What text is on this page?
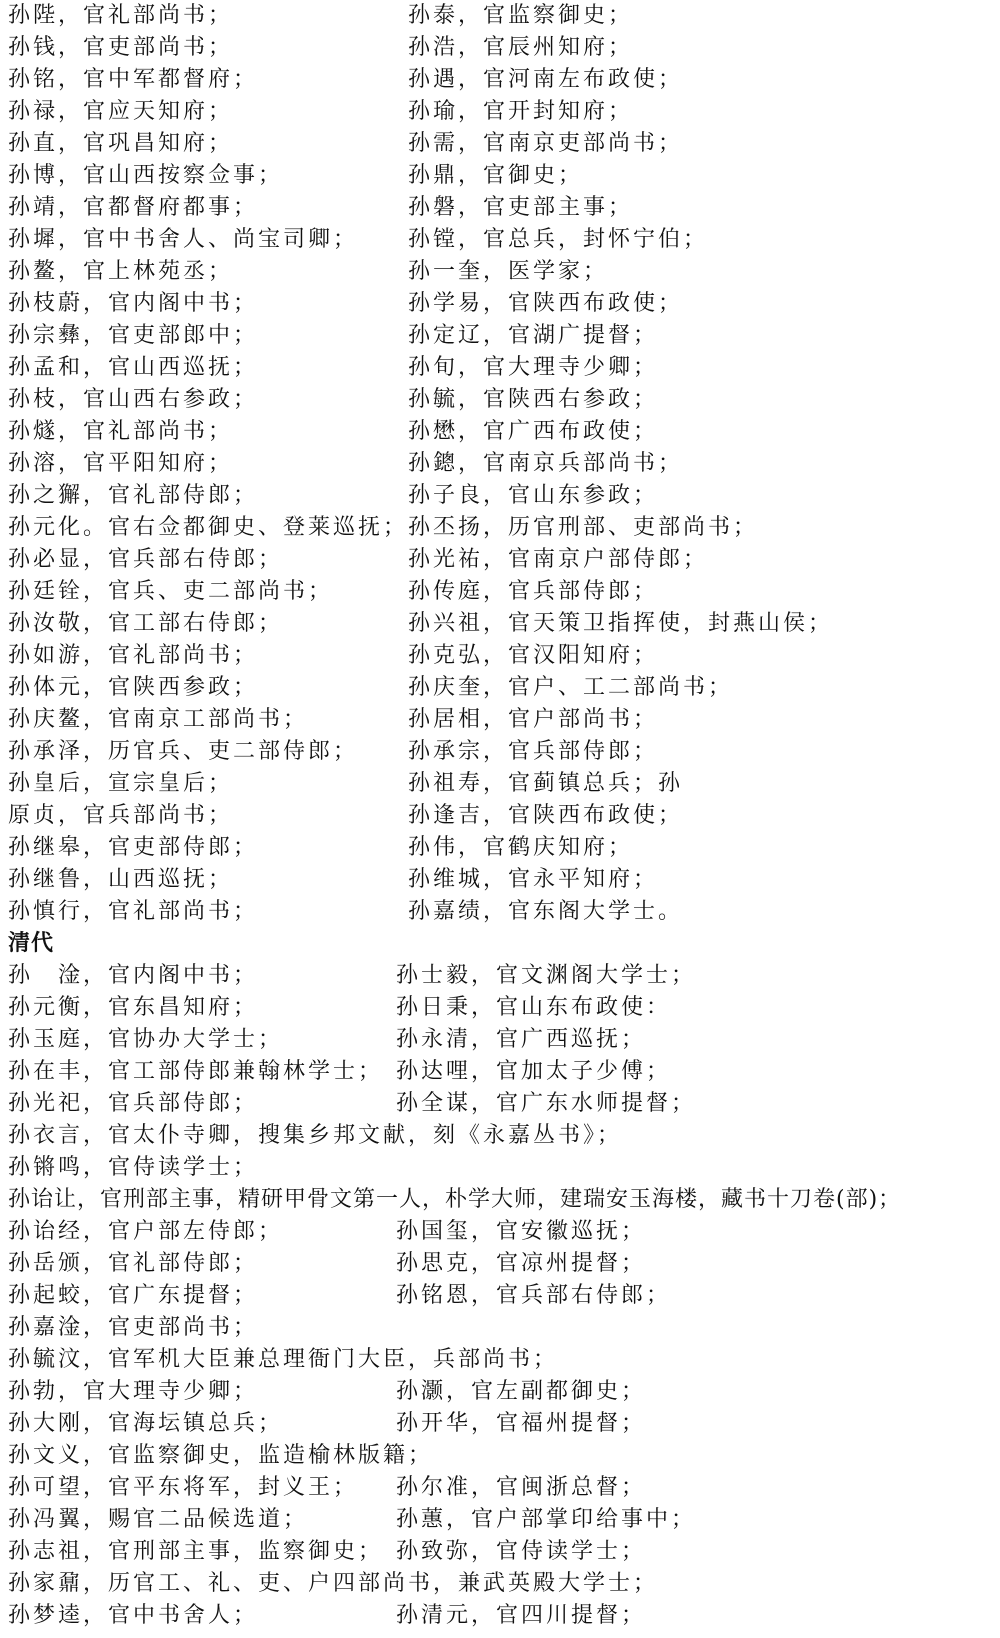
孙陛，官礼部尚书；	孙泰，官监察御史；
孙钱，官吏部尚书；	孙浩，官辰州知府；
孙铭，官中军都督府；	孙遇，官河南左布政使；
孙禄，官应天知府；	孙瑜，官开封知府；
孙直，官巩昌知府；	孙需，官南京吏部尚书；
孙博，官山西按察佥事；	孙鼎，官御史；
孙靖，官都督府都事；	孙磐，官吏部主事；
孙墀，官中书舍人、尚宝司卿； 孙镗，官总兵，封怀宁伯；
孙鳌，官上林苑丞；	孙一奎，医学家；
孙枝蔚，官内阁中书；	孙学易，官陕西布政使；
孙宗彝，官吏部郎中；	孙定辽，官湖广提督；
孙孟和，官山西巡抚；	孙旬，官大理寺少卿；
孙枝，官山西右参政；	孙毓，官陕西右参政；
孙燧，官礼部尚书；	孙懋，官广西布政使；
孙溶，官平阳知府；	孙鏓，官南京兵部尚书；
孙之獬，官礼部侍郎；	孙子良，官山东参政；
孙元化。官右佥都御史、登莱巡抚； 孙丕扬，历官刑部、吏部尚书；
孙必显，官兵部右侍郎；	孙光祐，官南京户部侍郎；
孙廷铨，官兵、吏二部尚书；	孙传庭，官兵部侍郎；
孙汝敬，官工部右侍郎；	孙兴祖，官天策卫指挥使，封燕山侯；
孙如游，官礼部尚书；	孙克弘，官汉阳知府；
孙体元，官陕西参政；	孙庆奎，官户、工二部尚书；
孙庆鳌，官南京工部尚书；	孙居相，官户部尚书；
孙承泽，历官兵、吏二部侍郎； 孙承宗，官兵部侍郎；
孙皇后，宣宗皇后；	孙祖寿，官蓟镇总兵；孙
原贞，官兵部尚书；	孙逢吉，官陕西布政使；
孙继皋，官吏部侍郎；	孙伟，官鹤庆知府；
孙继鲁，山西巡抚；	孙维城，官永平知府；
孙慎行，官礼部尚书；	孙嘉绩，官东阁大学士。
清代
孙　淦，官内阁中书；	孙士毅，官文渊阁大学士；
孙元衡，官东昌知府；	孙日秉，官山东布政使：
孙玉庭，官协办大学士；	孙永清，官广西巡抚；
孙在丰，官工部侍郎兼翰林学士； 孙达哩，官加太子少傅；
孙光祀，官兵部侍郎；	孙全谋，官广东水师提督；
孙衣言，官太仆寺卿，搜集乡邦文献，刻《永嘉丛书》；
孙锵鸣，官侍读学士；
孙诒让，官刑部主事，精研甲骨文第一人，朴学大师，建瑞安玉海楼，藏书十刀卷(部)；
孙诒经，官户部左侍郎；	孙国玺，官安徽巡抚；
孙岳颁，官礼部侍郎；	孙思克，官凉州提督；
孙起蛟，官广东提督；	孙铭恩，官兵部右侍郎；
孙嘉淦，官吏部尚书；
孙毓汶，官军机大臣兼总理衙门大臣，兵部尚书；
孙勃，官大理寺少卿；	孙灏，官左副都御史；
孙大刚，官海坛镇总兵；	孙开华，官福州提督；
孙文义，官监察御史，监造榆林版籍；
孙可望，官平东将军，封义王； 孙尔准，官闽浙总督；
孙冯翼，赐官二品候选道；	孙蕙，官户部掌印给事中；
孙志祖，官刑部主事，监察御史； 孙致弥，官侍读学士；
孙家鼐，历官工、礼、吏、户四部尚书，兼武英殿大学士；
孙梦逵，官中书舍人；	孙清元，官四川提督；
